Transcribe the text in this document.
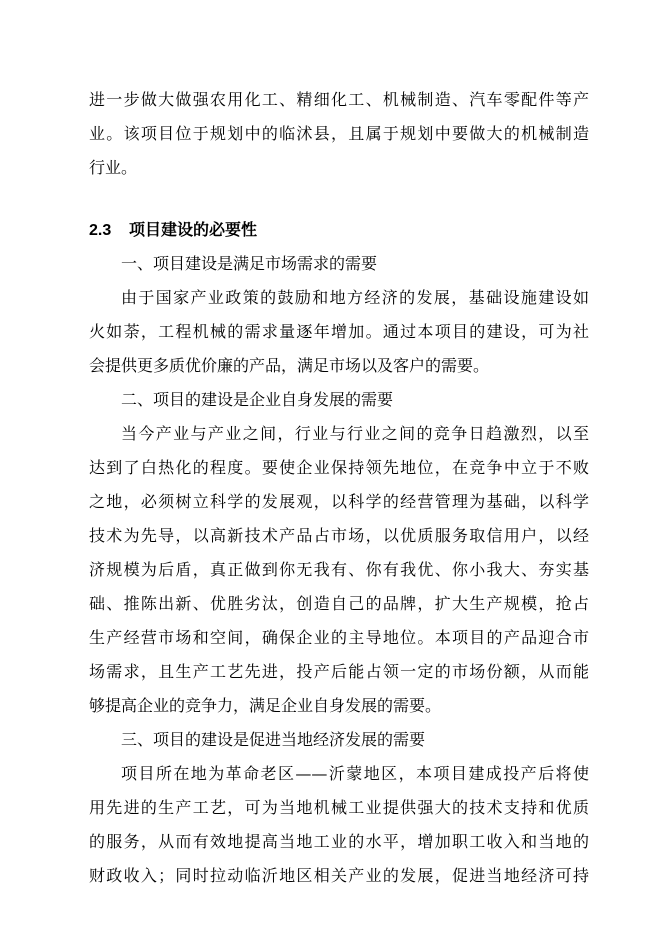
进一步做大做强农用化工、精细化工、机械制造、汽车零配件等产
业。该项目位于规划中的临沭县，且属于规划中要做大的机械制造
行业。
2.3 项目建设的必要性
一、项目建设是满足市场需求的需要
由于国家产业政策的鼓励和地方经济的发展，基础设施建设如
火如荼，工程机械的需求量逐年增加。通过本项目的建设，可为社
会提供更多质优价廉的产品，满足市场以及客户的需要。
二、项目的建设是企业自身发展的需要
当今产业与产业之间，行业与行业之间的竞争日趋激烈，以至
达到了白热化的程度。要使企业保持领先地位，在竞争中立于不败
之地，必须树立科学的发展观，以科学的经营管理为基础，以科学
技术为先导，以高新技术产品占市场，以优质服务取信用户，以经
济规模为后盾，真正做到你无我有、你有我优、你小我大、夯实基
础、推陈出新、优胜劣汰，创造自己的品牌，扩大生产规模，抢占
生产经营市场和空间，确保企业的主导地位。本项目的产品迎合市
场需求，且生产工艺先进，投产后能占领一定的市场份额，从而能
够提高企业的竞争力，满足企业自身发展的需要。
三、项目的建设是促进当地经济发展的需要
项目所在地为革命老区——沂蒙地区，本项目建成投产后将使
用先进的生产工艺，可为当地机械工业提供强大的技术支持和优质
的服务，从而有效地提高当地工业的水平，增加职工收入和当地的
财政收入；同时拉动临沂地区相关产业的发展，促进当地经济可持
